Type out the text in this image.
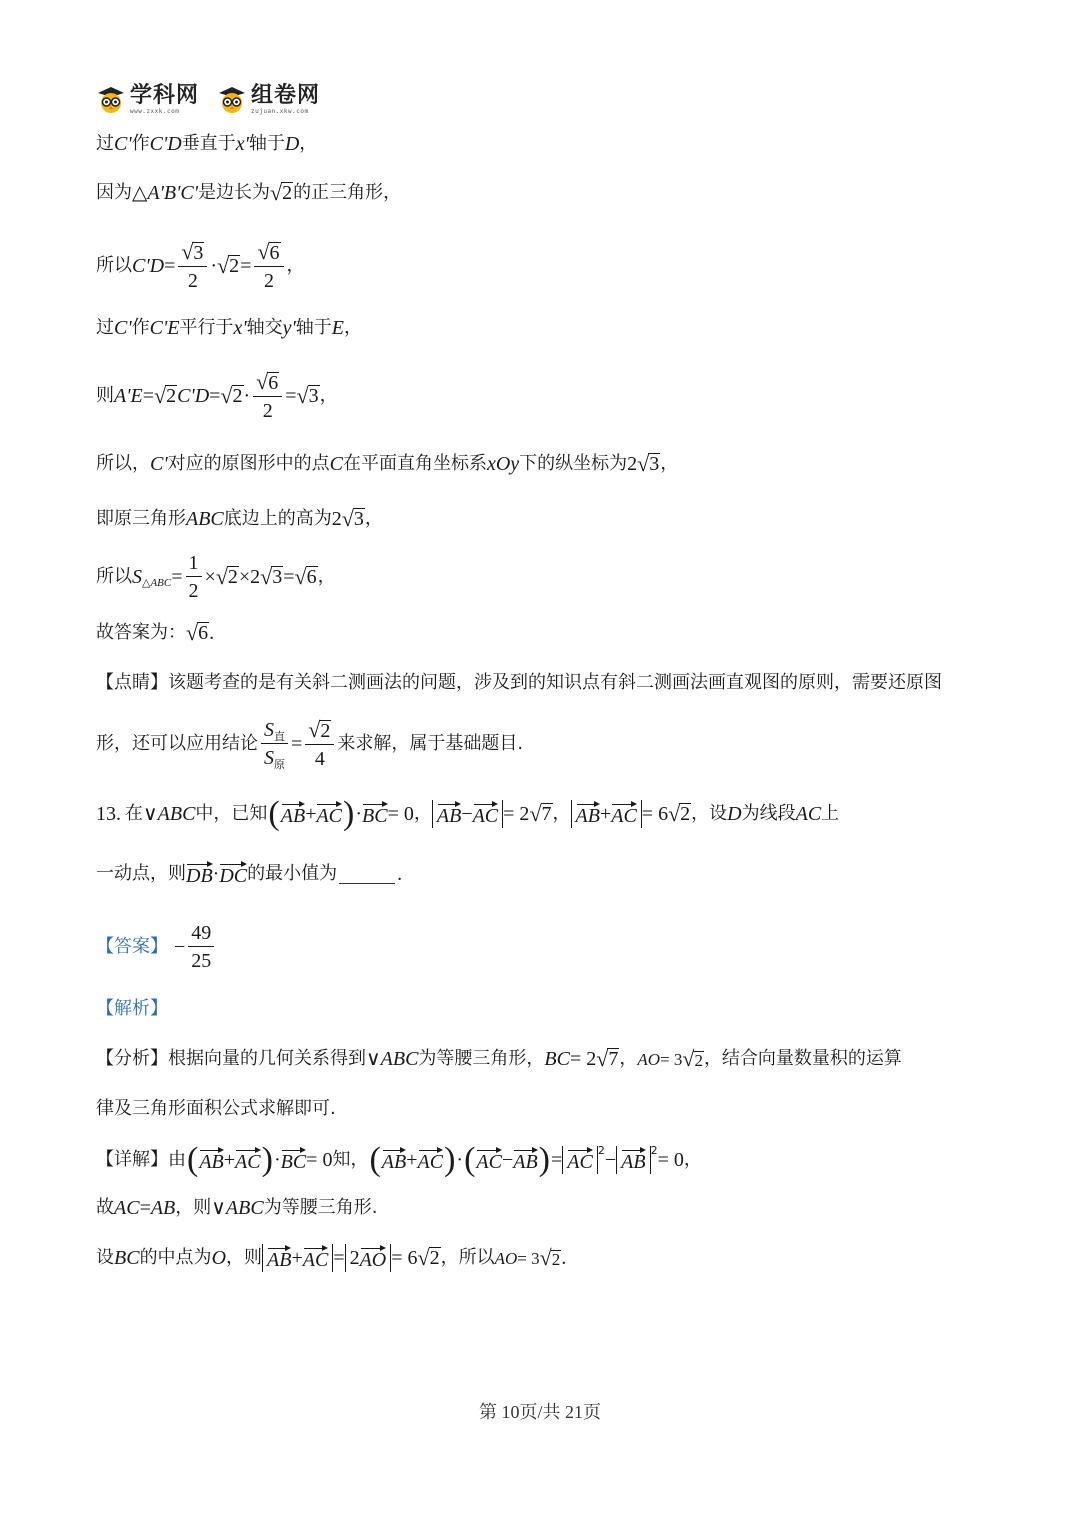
学科网
www.zxxk.com
组卷网
zujuan.xkw.com
过 C' 作 C'D 垂直于 x' 轴于 D ，
因为 △A'B'C' 是边长为 √ 2 的正三角形，
所以 $C'D = \frac{√ 3}{2}$ · √ $2 = \frac{√ 6}{2}$ ，
过 C' 作 C'E 平行于 x' 轴交 y' 轴于 E ，
则 A'E = √ 2 C'D = √ $2 \cdot \frac{√ 6}{2}$ = √ 3 ，
所以， C' 对应的原图形中的点 C 在平面直角坐标系 xOy 下的纵坐标为 2 √ 3 ，
即原三角形 ABC 底边上的高为 2 √ 3 ，
所以 S △ABC = $\frac{1}{2}$ × √ 2 × 2 √ 3 = √ 6 ，
故答案为： √ 6 .
【点睛】该题考查的是有关斜二测画法的问题，涉及到的知识点有斜二测画法画直观图的原则，需要还原图
形，还可以应用结论 $\frac{S_直}{S_原} = \frac{√ 2}{4}$ 来求解，属于基础题目.
13. 在 ∨ABC 中，已知 ( AB + AC ) · BC = 0 ， AB − AC = 2 √ 7 ， AB + AC = 6 √ 2 ，设 D 为线段 AC 上
一动点，则 DB · DC 的最小值为	.
【答案】 − $\frac{49}{25}$
【解析】
【分析】根据向量的几何关系得到 ∨ABC 为等腰三角形， BC = 2 √ 7 ， AO = 3 √ 2 ，结合向量数量积的运算
律及三角形面积公式求解即可.
【详解】由 ( AB + AC ) · BC = 0 知， ( AB + AC ) · ( AC − AB ) = AC
2 − AB
2 = 0 ，
故 AC = AB ，则 ∨ABC 为等腰三角形.
设 BC 的中点为 O ，则 AB + AC = 2 AO = 6 √ 2 ，所以 AO = 3 √ 2 .
第 10页/共 21页
